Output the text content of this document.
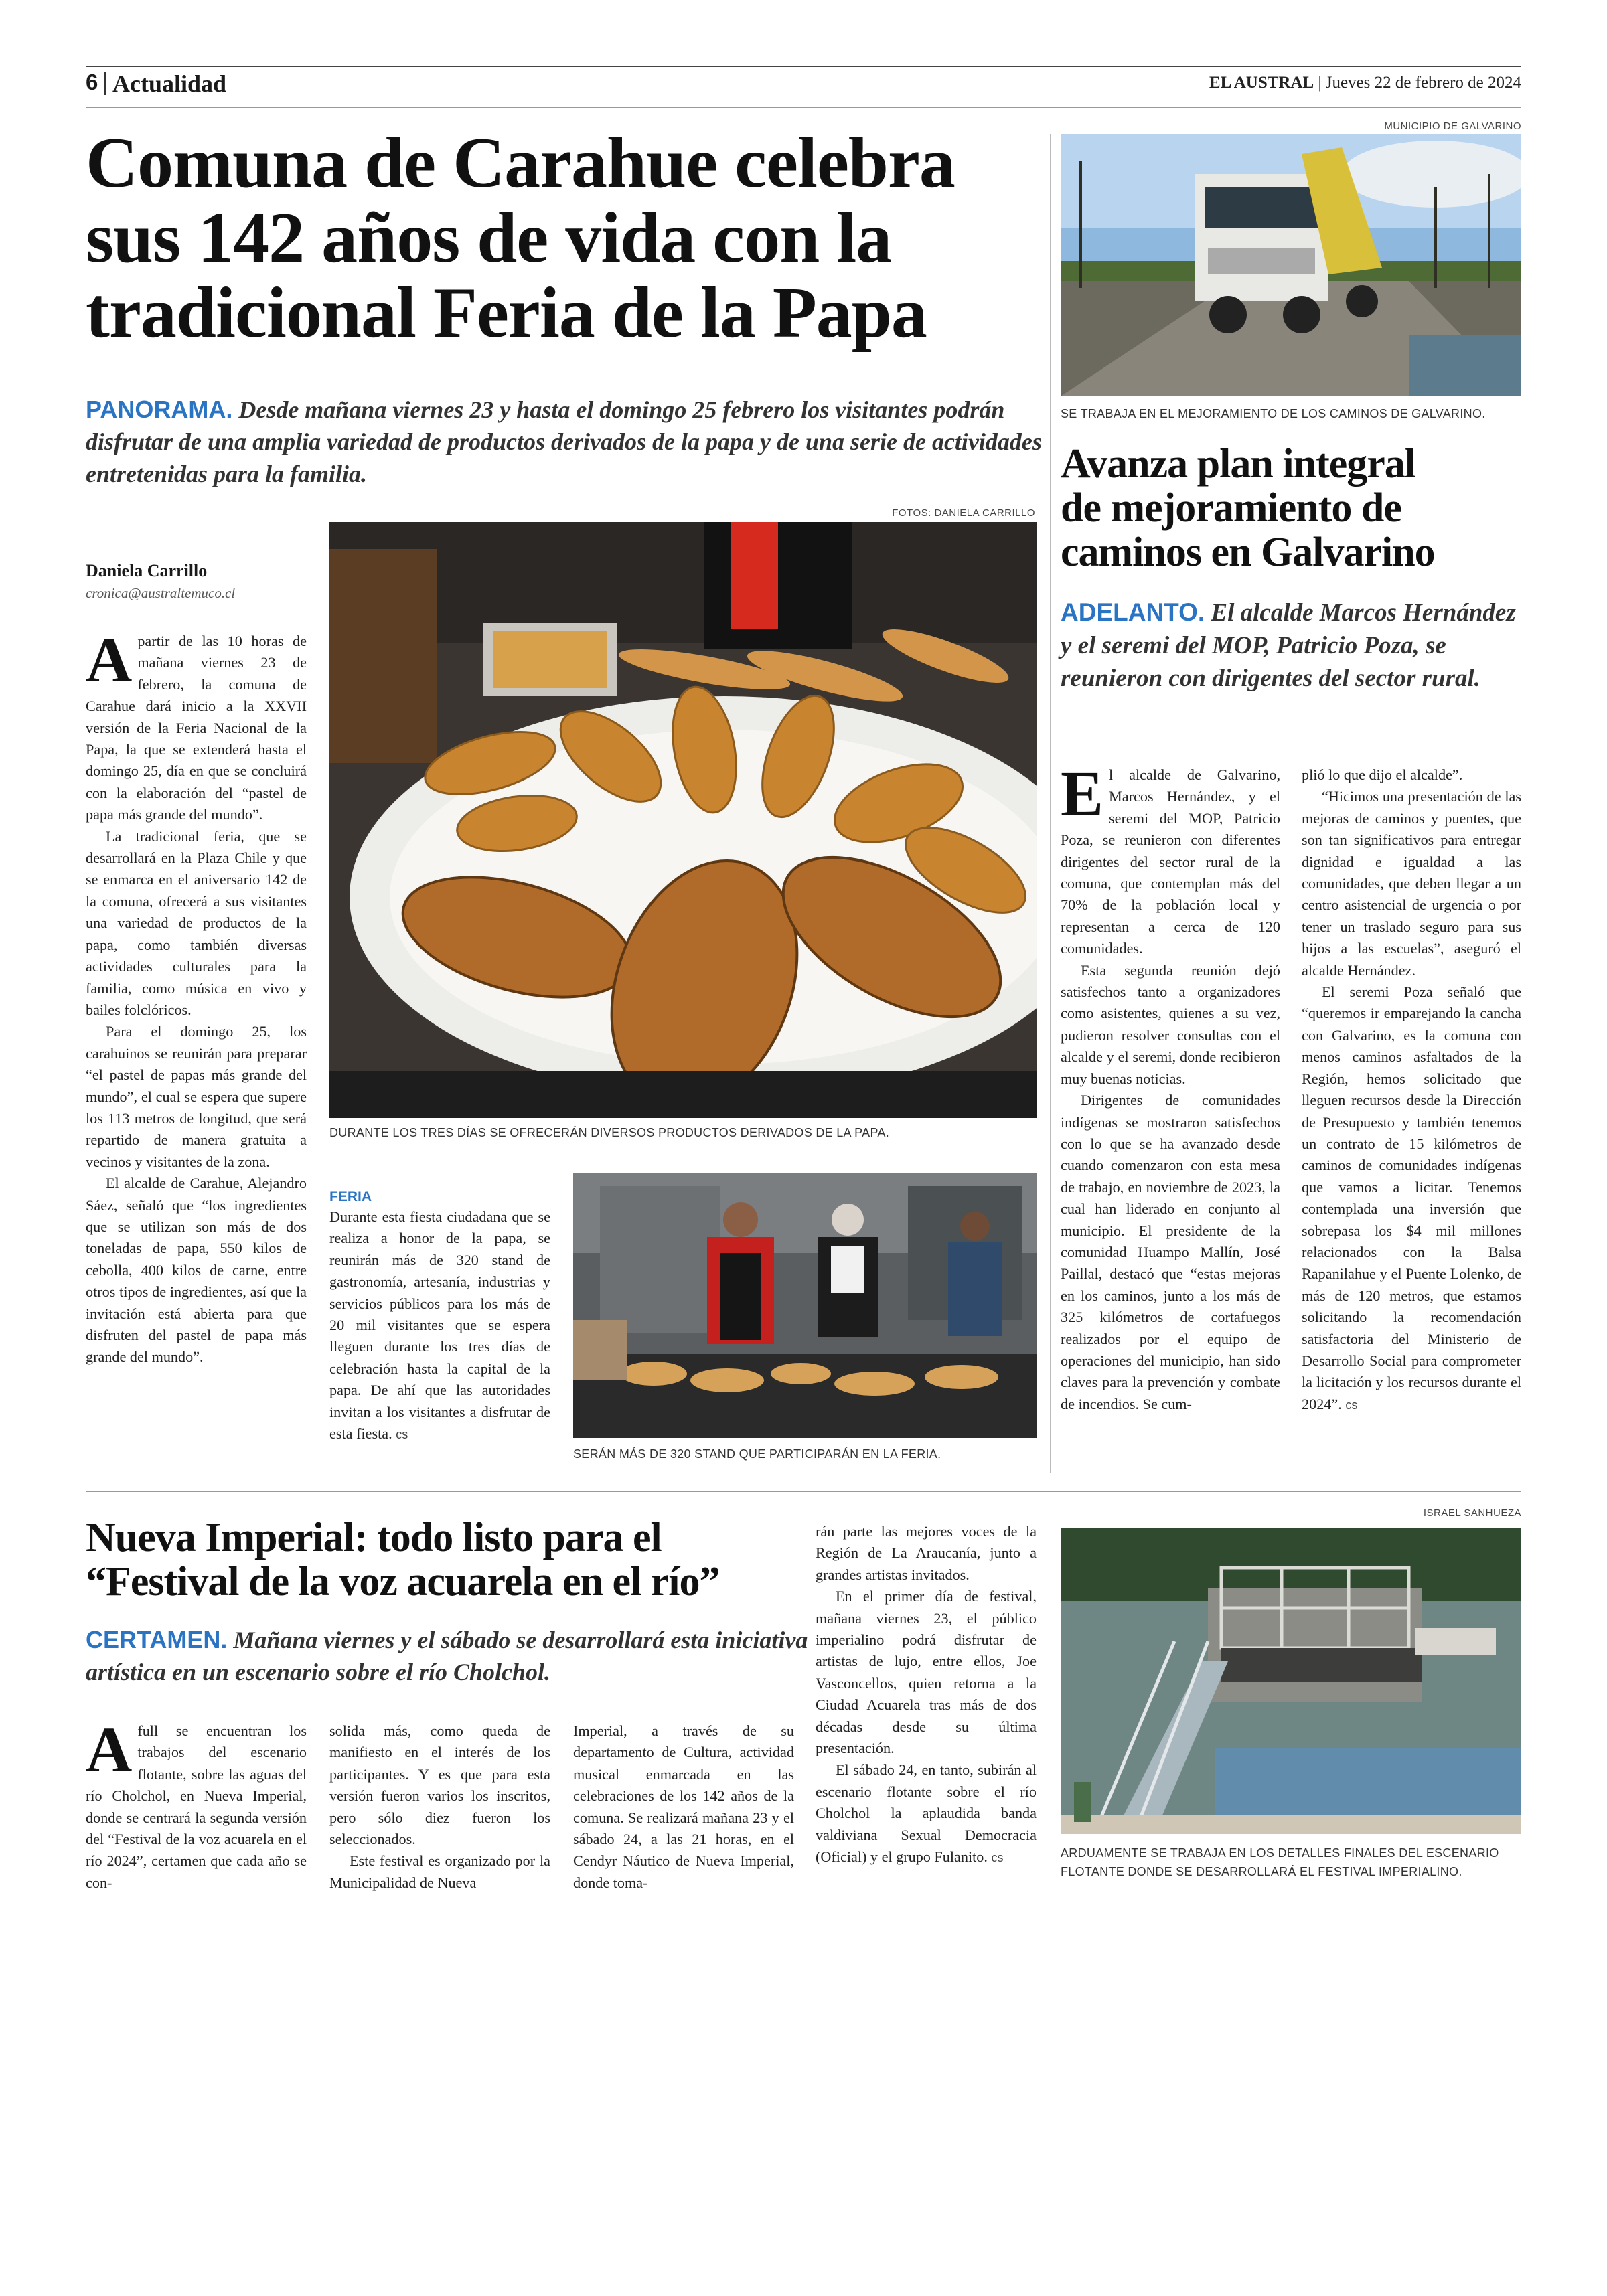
6 Actualidad	EL AUSTRAL | Jueves 22 de febrero de 2024
Comuna de Carahue celebra
sus 142 años de vida con la
tradicional Feria de la Papa
PANORAMA. Desde mañana viernes 23 y hasta el domingo 25 febrero los visitantes podrán disfrutar de una amplia variedad de productos derivados de la papa y de una serie de actividades entretenidas para la familia.
FOTOS: DANIELA CARRILLO
Daniela Carrillo
cronica@australtemuco.cl

Apartir de las 10 horas de mañana viernes 23 de febrero, la comuna de Carahue dará inicio a la XXVII versión de la Feria Nacional de la Papa, la que se extenderá hasta el domingo 25, día en que se concluirá con la elaboración del “pastel de papa más grande del mundo”.

La tradicional feria, que se desarrollará en la Plaza Chile y que se enmarca en el aniversario 142 de la comuna, ofrecerá a sus visitantes una variedad de productos de la papa, como también diversas actividades culturales para la familia, como música en vivo y bailes folclóricos.

Para el domingo 25, los carahuinos se reunirán para preparar “el pastel de papas más grande del mundo”, el cual se espera que supere los 113 metros de longitud, que será repartido de manera gratuita a vecinos y visitantes de la zona.

El alcalde de Carahue, Alejandro Sáez, señaló que “los ingredientes que se utilizan son más de dos toneladas de papa, 550 kilos de cebolla, 400 kilos de carne, entre otros tipos de ingredientes, así que la invitación está abierta para que disfruten del pastel de papa más grande del mundo”.

DURANTE LOS TRES DÍAS SE OFRECERÁN DIVERSOS PRODUCTOS DERIVADOS DE LA PAPA.
FERIA
Durante esta fiesta ciudadana que se realiza a honor de la papa, se reunirán más de 320 stand de gastronomía, artesanía, industrias y servicios públicos para los más de 20 mil visitantes que se espera lleguen durante los tres días de celebración hasta la capital de la papa. De ahí que las autoridades invitan a los visitantes a disfrutar de esta fiesta. cs
SERÁN MÁS DE 320 STAND QUE PARTICIPARÁN EN LA FERIA.
MUNICIPIO DE GALVARINO
SE TRABAJA EN EL MEJORAMIENTO DE LOS CAMINOS DE GALVARINO.
Avanza plan integral
de mejoramiento de
caminos en Galvarino
ADELANTO. El alcalde Marcos Hernández y el seremi del MOP, Patricio Poza, se reunieron con dirigentes del sector rural.

El alcalde de Galvarino, Marcos Hernández, y el seremi del MOP, Patricio Poza, se reunieron con diferentes dirigentes del sector rural de la comuna, que contemplan más del 70% de la población local y representan a cerca de 120 comunidades.

Esta segunda reunión dejó satisfechos tanto a organizadores como asistentes, quienes a su vez, pudieron resolver consultas con el alcalde y el seremi, donde recibieron muy buenas noticias.

Dirigentes de comunidades indígenas se mostraron satisfechos con lo que se ha avanzado desde cuando comenzaron con esta mesa de trabajo, en noviembre de 2023, la cual han liderado en conjunto al municipio. El presidente de la comunidad Huampo Mallín, José Paillal, destacó que “estas mejoras en los caminos, junto a los más de 325 kilómetros de cortafuegos realizados por el equipo de operaciones del municipio, han sido claves para la prevención y combate de incendios. Se cum-

plió lo que dijo el alcalde”.

“Hicimos una presentación de las mejoras de caminos y puentes, que son tan significativos para entregar dignidad e igualdad a las comunidades, que deben llegar a un centro asistencial de urgencia o por tener un traslado seguro para sus hijos a las escuelas”, aseguró el alcalde Hernández.

El seremi Poza señaló que “queremos ir emparejando la cancha con Galvarino, es la comuna con menos caminos asfaltados de la Región, hemos solicitado que lleguen recursos desde la Dirección de Presupuesto y también tenemos un contrato de 15 kilómetros de caminos de comunidades indígenas que vamos a licitar. Tenemos contemplada una inversión que sobrepasa los $4 mil millones relacionados con la Balsa Rapanilahue y el Puente Lolenko, de más de 120 metros, que estamos solicitando la recomendación satisfactoria del Ministerio de Desarrollo Social para comprometer la licitación y los recursos durante el 2024”. cs

Nueva Imperial: todo listo para el
“Festival de la voz acuarela en el río”
CERTAMEN. Mañana viernes y el sábado se desarrollará esta iniciativa artística en un escenario sobre el río Cholchol.

Afull se encuentran los trabajos del escenario flotante, sobre las aguas del río Cholchol, en Nueva Imperial, donde se centrará la segunda versión del “Festival de la voz acuarela en el río 2024”, certamen que cada año se con-

solida más, como queda de manifiesto en el interés de los participantes. Y es que para esta versión fueron varios los inscritos, pero sólo diez fueron los seleccionados.

Este festival es organizado por la Municipalidad de Nueva

Imperial, a través de su departamento de Cultura, actividad musical enmarcada en las celebraciones de los 142 años de la comuna. Se realizará mañana 23 y el sábado 24, a las 21 horas, en el Cendyr Náutico de Nueva Imperial, donde toma-

rán parte las mejores voces de la Región de La Araucanía, junto a grandes artistas invitados.

En el primer día de festival, mañana viernes 23, el público imperialino podrá disfrutar de artistas de lujo, entre ellos, Joe Vasconcellos, quien retorna a la Ciudad Acuarela tras más de dos décadas desde su última presentación.

El sábado 24, en tanto, subirán al escenario flotante sobre el río Cholchol la aplaudida banda valdiviana Sexual Democracia (Oficial) y el grupo Fulanito. cs

ISRAEL SANHUEZA
ARDUAMENTE SE TRABAJA EN LOS DETALLES FINALES DEL ESCENARIO FLOTANTE DONDE SE DESARROLLARÁ EL FESTIVAL IMPERIALINO.
